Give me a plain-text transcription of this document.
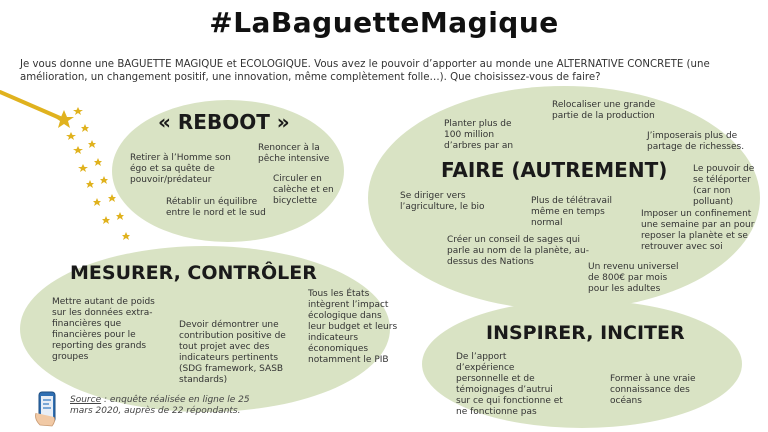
#LaBaguetteMagique
Je vous donne une BAGUETTE MAGIQUE et ECOLOGIQUE. Vous avez le pouvoir d’apporter au monde une ALTERNATIVE CONCRETE (une amélioration, un changement positif, une innovation, même complètement folle…). Que choisissez-vous de faire?
« REBOOT »
Retirer à l’Homme son égo et sa quête de pouvoir/prédateur
Renoncer à la pêche intensive
Circuler en calèche et en bicyclette
Rétablir un équilibre entre le nord et le sud
FAIRE (AUTREMENT)
Planter plus de 100 million d’arbres par an
Relocaliser une grande partie de la production
J’imposerais plus de partage de richesses.
Le pouvoir de se téléporter (car non polluant)
Se diriger vers l’agriculture, le bio
Plus de télétravail même en temps normal
Imposer un confinement une semaine par an pour reposer la planète et se retrouver avec soi
Créer un conseil de sages qui parle au nom de la planète, au-dessus des Nations	Un revenu universel de 800€ par mois pour les adultes
MESURER, CONTRÔLER
Mettre autant de poids sur les données extra-financières que financières pour le reporting des grands groupes
Devoir démontrer une contribution positive de tout projet avec des indicateurs pertinents (SDG framework, SASB standards)
Tous les États intègrent l’impact écologique dans leur budget et leurs indicateurs économiques notamment le PIB
INSPIRER, INCITER
De l’apport d’expérience personnelle et de témoignages d’autrui sur ce qui fonctionne et ne fonctionne pas
Former à une vraie connaissance des océans
Source : enquête réalisée en ligne le 25 mars 2020, auprès de 22 répondants.
